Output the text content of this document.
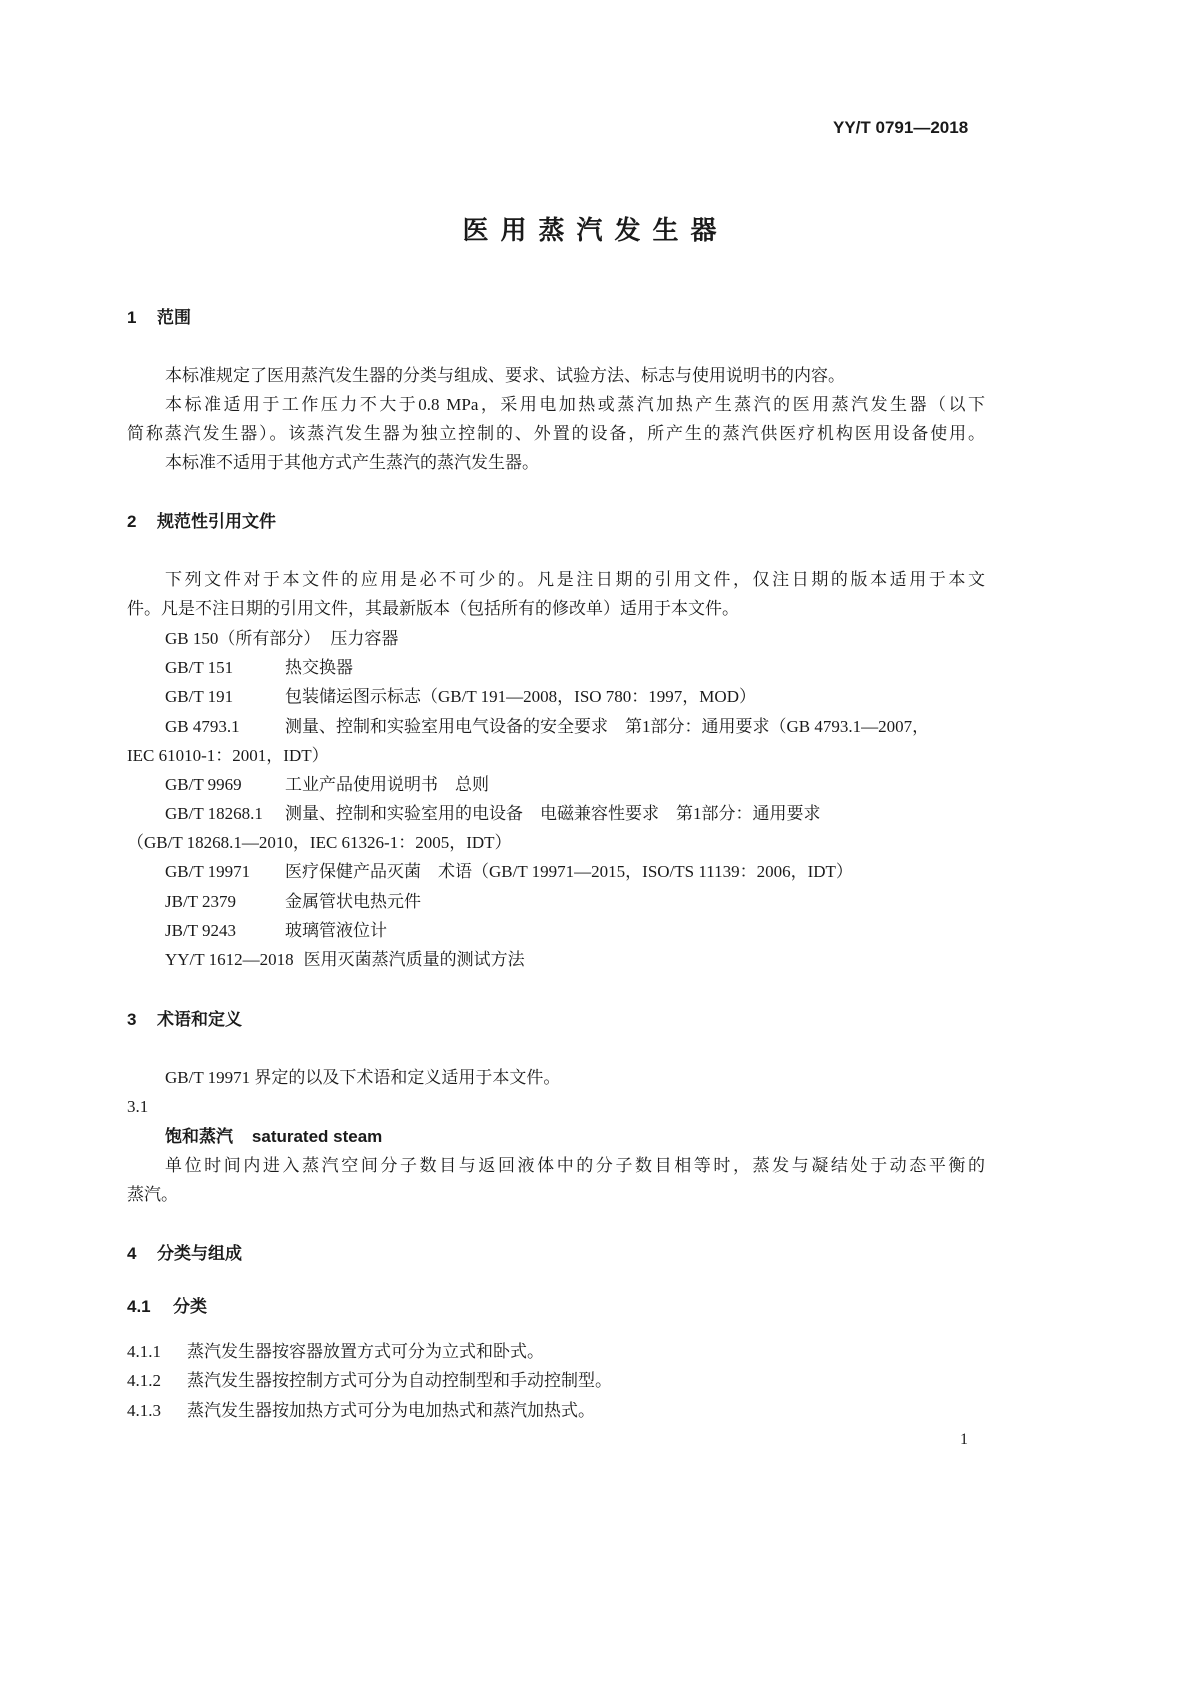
YY/T 0791—2018
医用蒸汽发生器
1 范围
本标准规定了医用蒸汽发生器的分类与组成、要求、试验方法、标志与使用说明书的内容。
本标准适用于工作压力不大于0.8 MPa，采用电加热或蒸汽加热产生蒸汽的医用蒸汽发生器（以下
简称蒸汽发生器）。该蒸汽发生器为独立控制的、外置的设备，所产生的蒸汽供医疗机构医用设备使用。
本标准不适用于其他方式产生蒸汽的蒸汽发生器。
2 规范性引用文件
下列文件对于本文件的应用是必不可少的。凡是注日期的引用文件，仅注日期的版本适用于本文
件。凡是不注日期的引用文件，其最新版本（包括所有的修改单）适用于本文件。
GB 150（所有部分） 压力容器
GB/T 151	热交换器
GB/T 191	包装储运图示标志（GB/T 191—2008，ISO 780：1997，MOD）
GB 4793.1	测量、控制和实验室用电气设备的安全要求　第1部分：通用要求（GB 4793.1—2007，
IEC 61010-1：2001，IDT）
GB/T 9969	工业产品使用说明书　总则
GB/T 18268.1 测量、控制和实验室用的电设备　电磁兼容性要求　第1部分：通用要求
（GB/T 18268.1—2010，IEC 61326-1：2005，IDT）
GB/T 19971 医疗保健产品灭菌　术语（GB/T 19971—2015，ISO/TS 11139：2006，IDT）
JB/T 2379	金属管状电热元件
JB/T 9243	玻璃管液位计
YY/T 1612—2018 医用灭菌蒸汽质量的测试方法
3 术语和定义
GB/T 19971 界定的以及下术语和定义适用于本文件。
3.1
饱和蒸汽 saturated steam
单位时间内进入蒸汽空间分子数目与返回液体中的分子数目相等时，蒸发与凝结处于动态平衡的
蒸汽。
4 分类与组成
4.1 分类
4.1.1 蒸汽发生器按容器放置方式可分为立式和卧式。
4.1.2 蒸汽发生器按控制方式可分为自动控制型和手动控制型。
4.1.3 蒸汽发生器按加热方式可分为电加热式和蒸汽加热式。
1
